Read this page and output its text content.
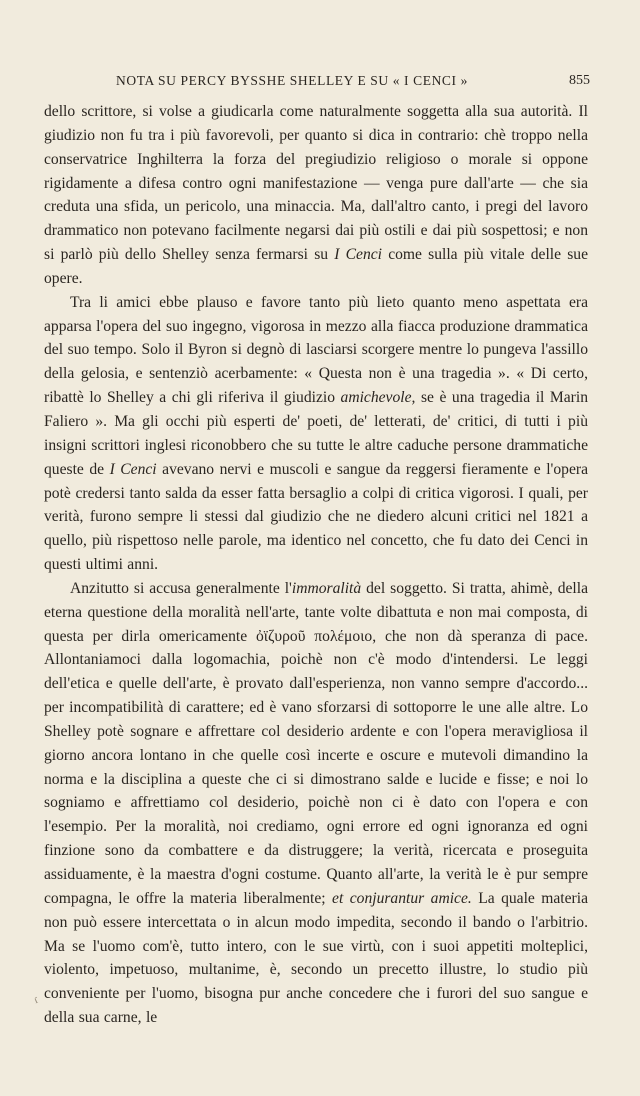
NOTA SU PERCY BYSSHE SHELLEY E SU « I CENCI »	855

dello scrittore, si volse a giudicarla come naturalmente soggetta alla sua autorità. Il giudizio non fu tra i più favorevoli, per quanto si dica in contrario: chè troppo nella conservatrice Inghilterra la forza del pregiudizio religioso o morale si oppone rigidamente a difesa contro ogni manifestazione — venga pure dall'arte — che sia creduta una sfida, un pericolo, una minaccia. Ma, dall'altro canto, i pregi del lavoro drammatico non potevano facilmente negarsi dai più ostili e dai più sospettosi; e non si parlò più dello Shelley senza fermarsi su I Cenci come sulla più vitale delle sue opere.

Tra li amici ebbe plauso e favore tanto più lieto quanto meno aspettata era apparsa l'opera del suo ingegno, vigorosa in mezzo alla fiacca produzione drammatica del suo tempo. Solo il Byron si degnò di lasciarsi scorgere mentre lo pungeva l'assillo della gelosia, e sentenziò acerbamente: « Questa non è una tragedia ». « Di certo, ribattè lo Shelley a chi gli riferiva il giudizio amichevole, se è una tragedia il Marin Faliero ». Ma gli occhi più esperti de' poeti, de' letterati, de' critici, di tutti i più insigni scrittori inglesi riconobbero che su tutte le altre caduche persone drammatiche queste de I Cenci avevano nervi e muscoli e sangue da reggersi fieramente e l'opera potè credersi tanto salda da esser fatta bersaglio a colpi di critica vigorosi. I quali, per verità, furono sempre li stessi dal giudizio che ne diedero alcuni critici nel 1821 a quello, più rispettoso nelle parole, ma identico nel concetto, che fu dato dei Cenci in questi ultimi anni.

Anzitutto si accusa generalmente l'immoralità del soggetto. Si tratta, ahimè, della eterna questione della moralità nell'arte, tante volte dibattuta e non mai composta, di questa per dirla omericamente ὀϊζυροῦ πολέμοιο, che non dà speranza di pace. Allontaniamoci dalla logomachia, poichè non c'è modo d'intendersi. Le leggi dell'etica e quelle dell'arte, è provato dall'esperienza, non vanno sempre d'accordo... per incompatibilità di carattere; ed è vano sforzarsi di sottoporre le une alle altre. Lo Shelley potè sognare e affrettare col desiderio ardente e con l'opera meravigliosa il giorno ancora lontano in che quelle così incerte e oscure e mutevoli dimandino la norma e la disciplina a queste che ci si dimostrano salde e lucide e fisse; e noi lo sogniamo e affrettiamo col desiderio, poichè non ci è dato con l'opera e con l'esempio. Per la moralità, noi crediamo, ogni errore ed ogni ignoranza ed ogni finzione sono da combattere e da distruggere; la verità, ricercata e proseguita assiduamente, è la maestra d'ogni costume. Quanto all'arte, la verità le è pur sempre compagna, le offre la materia liberalmente; et conjurantur amice. La quale materia non può essere intercettata o in alcun modo impedita, secondo il bando o l'arbitrio. Ma se l'uomo com'è, tutto intero, con le sue virtù, con i suoi appetiti molteplici, violento, impetuoso, multanime, è, secondo un precetto illustre, lo studio più conveniente per l'uomo, bisogna pur anche concedere che i furori del suo sangue e della sua carne, le

ɾ
